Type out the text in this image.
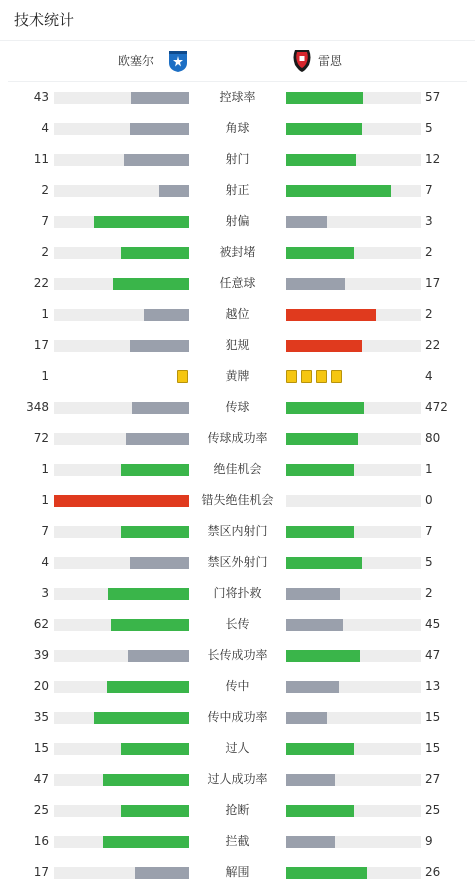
技术统计
欧塞尔	雷恩
43	控球率	57
4	角球	5
11	射门	12
2	射正	7
7	射偏	3
2	被封堵	2
22	任意球	17
1	越位	2
17	犯规	22
1	黄牌	4
348	传球	472
72	传球成功率	80
1	绝佳机会	1
1	错失绝佳机会	0
7	禁区内射门	7
4	禁区外射门	5
3	门将扑救	2
62	长传	45
39	长传成功率	47
20	传中	13
35	传中成功率	15
15	过人	15
47	过人成功率	27
25	抢断	25
16	拦截	9
17	解围	26
